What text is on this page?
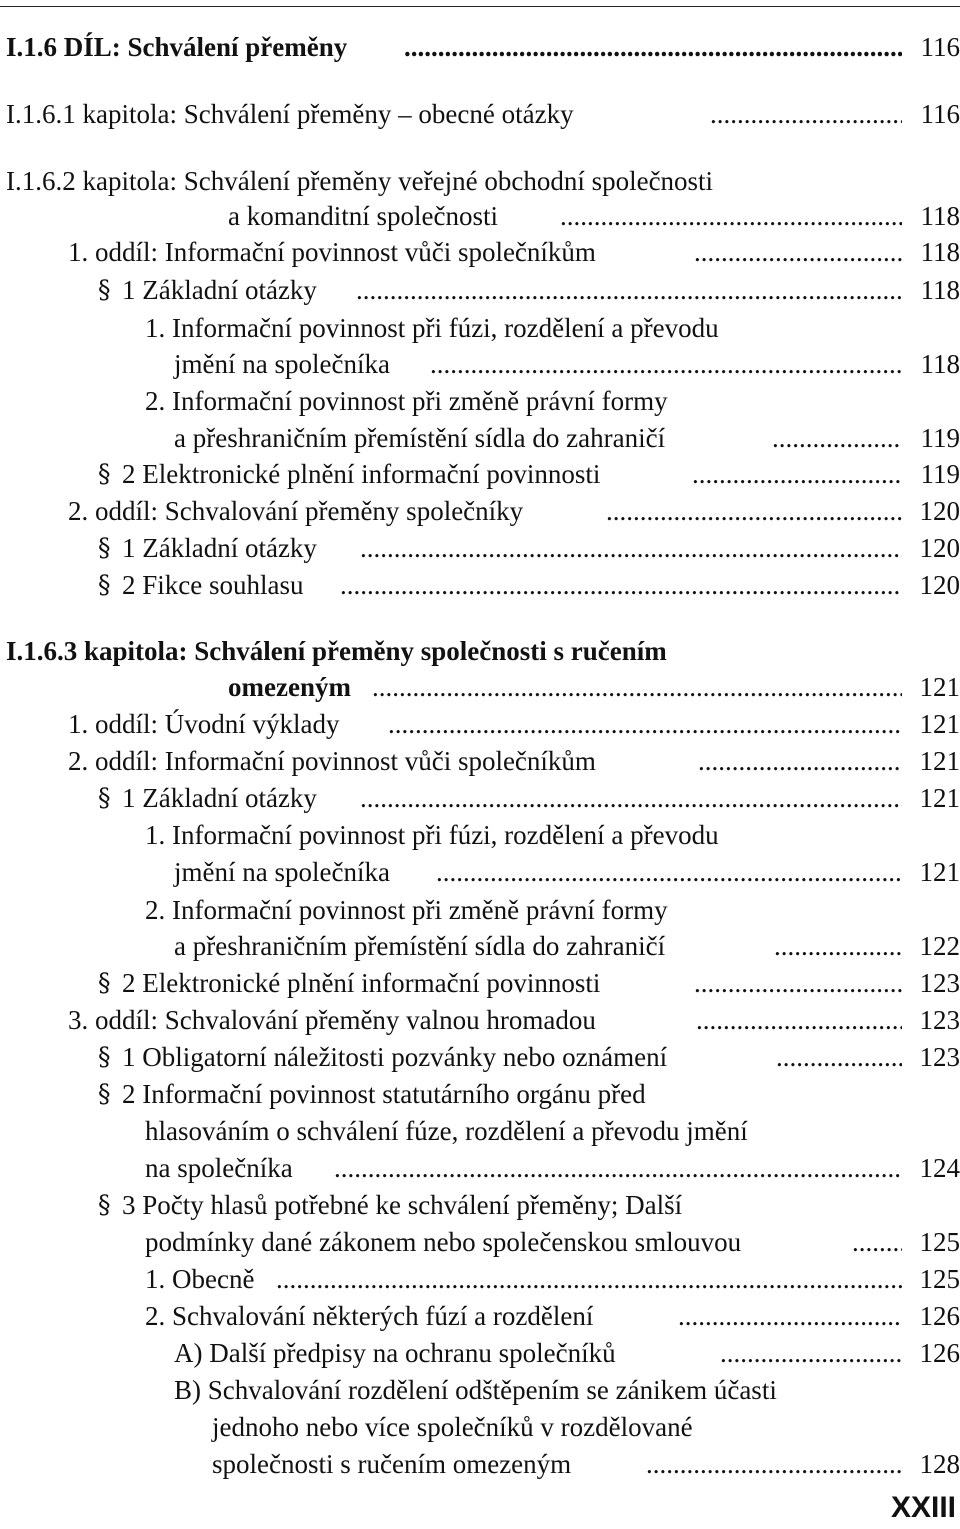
.....
I.1.6 DÍL: Schválení přeměny	116
.....
I.1.6.1 kapitola: Schválení přeměny – obecné otázky	116
I.1.6.2 kapitola: Schválení přeměny veřejné obchodní společnosti
.....
a komanditní společnosti	118
.....
1. oddíl: Informační povinnost vůči společníkům	118
§ ..... 1 Základní otázky	118
1. Informační povinnost při fúzi, rozdělení a převodu
.....
jmění na společníka	118
2. Informační povinnost při změně právní formy
.....
a přeshraničním přemístění sídla do zahraničí	119
§ ..... 2 Elektronické plnění informační povinnosti	119
.....
2. oddíl: Schvalování přeměny společníky	120
§ ..... 1 Základní otázky	120
§ ..... 2 Fikce souhlasu	120
I.1.6.3 kapitola: Schválení přeměny společnosti s ručením
.....
omezeným	121
.....
1. oddíl: Úvodní výklady	121
.....
2. oddíl: Informační povinnost vůči společníkům	121
§ ..... 1 Základní otázky	121
1. Informační povinnost při fúzi, rozdělení a převodu
.....
jmění na společníka	121
2. Informační povinnost při změně právní formy
.....
a přeshraničním přemístění sídla do zahraničí	122
§ ..... 2 Elektronické plnění informační povinnosti	123
.....
3. oddíl: Schvalování přeměny valnou hromadou	123
§ ..... 1 Obligatorní náležitosti pozvánky nebo oznámení	123
§ 2 Informační povinnost statutárního orgánu před
hlasováním o schválení fúze, rozdělení a převodu jmění
.....
na společníka	124
§ 3 Počty hlasů potřebné ke schválení přeměny; Další
.....
podmínky dané zákonem nebo společenskou smlouvou	125
.....
1. Obecně	125
.....
2. Schvalování některých fúzí a rozdělení	126
.....
A) Další předpisy na ochranu společníků	126
B) Schvalování rozdělení odštěpením se zánikem účasti
jednoho nebo více společníků v rozdělované
.....
společnosti s ručením omezeným	128
XXIII
